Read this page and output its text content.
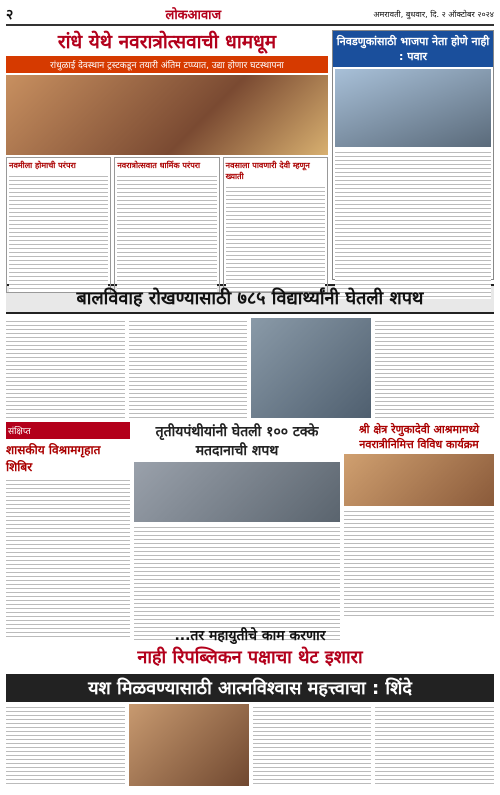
२	लोकआवाज	अमरावती, बुधवार, दि. २ ऑक्टोबर २०२४
रांधे येथे नवरात्रोत्सवाची धामधूम
रांधुळाई देवस्थान ट्रस्टकडून तयारी अंतिम टप्प्यात, उद्या होणार घटस्थापना
नवमीला होमाची परंपरा	नवरात्रोत्सवात धार्मिक परंपरा	नवसाला पावणारी देवी म्हणून ख्याती
निवडणुकांसाठी भाजपा नेता होणे नाही : पवार
बालविवाह रोखण्यासाठी ७८५ विद्यार्थ्यांनी घेतली शपथ
संक्षिप्त
शासकीय विश्रामगृहात शिबिर
तृतीयपंथीयांनी घेतली १०० टक्के मतदानाची शपथ
श्री क्षेत्र रेणुकादेवी आश्रमामध्ये नवरात्रीनिमित्त विविध कार्यक्रम
...तर महायुतीचे काम करणार
नाही रिपब्लिकन पक्षाचा थेट इशारा
यश मिळवण्यासाठी आत्मविश्वास महत्त्वाचा : शिंदे
